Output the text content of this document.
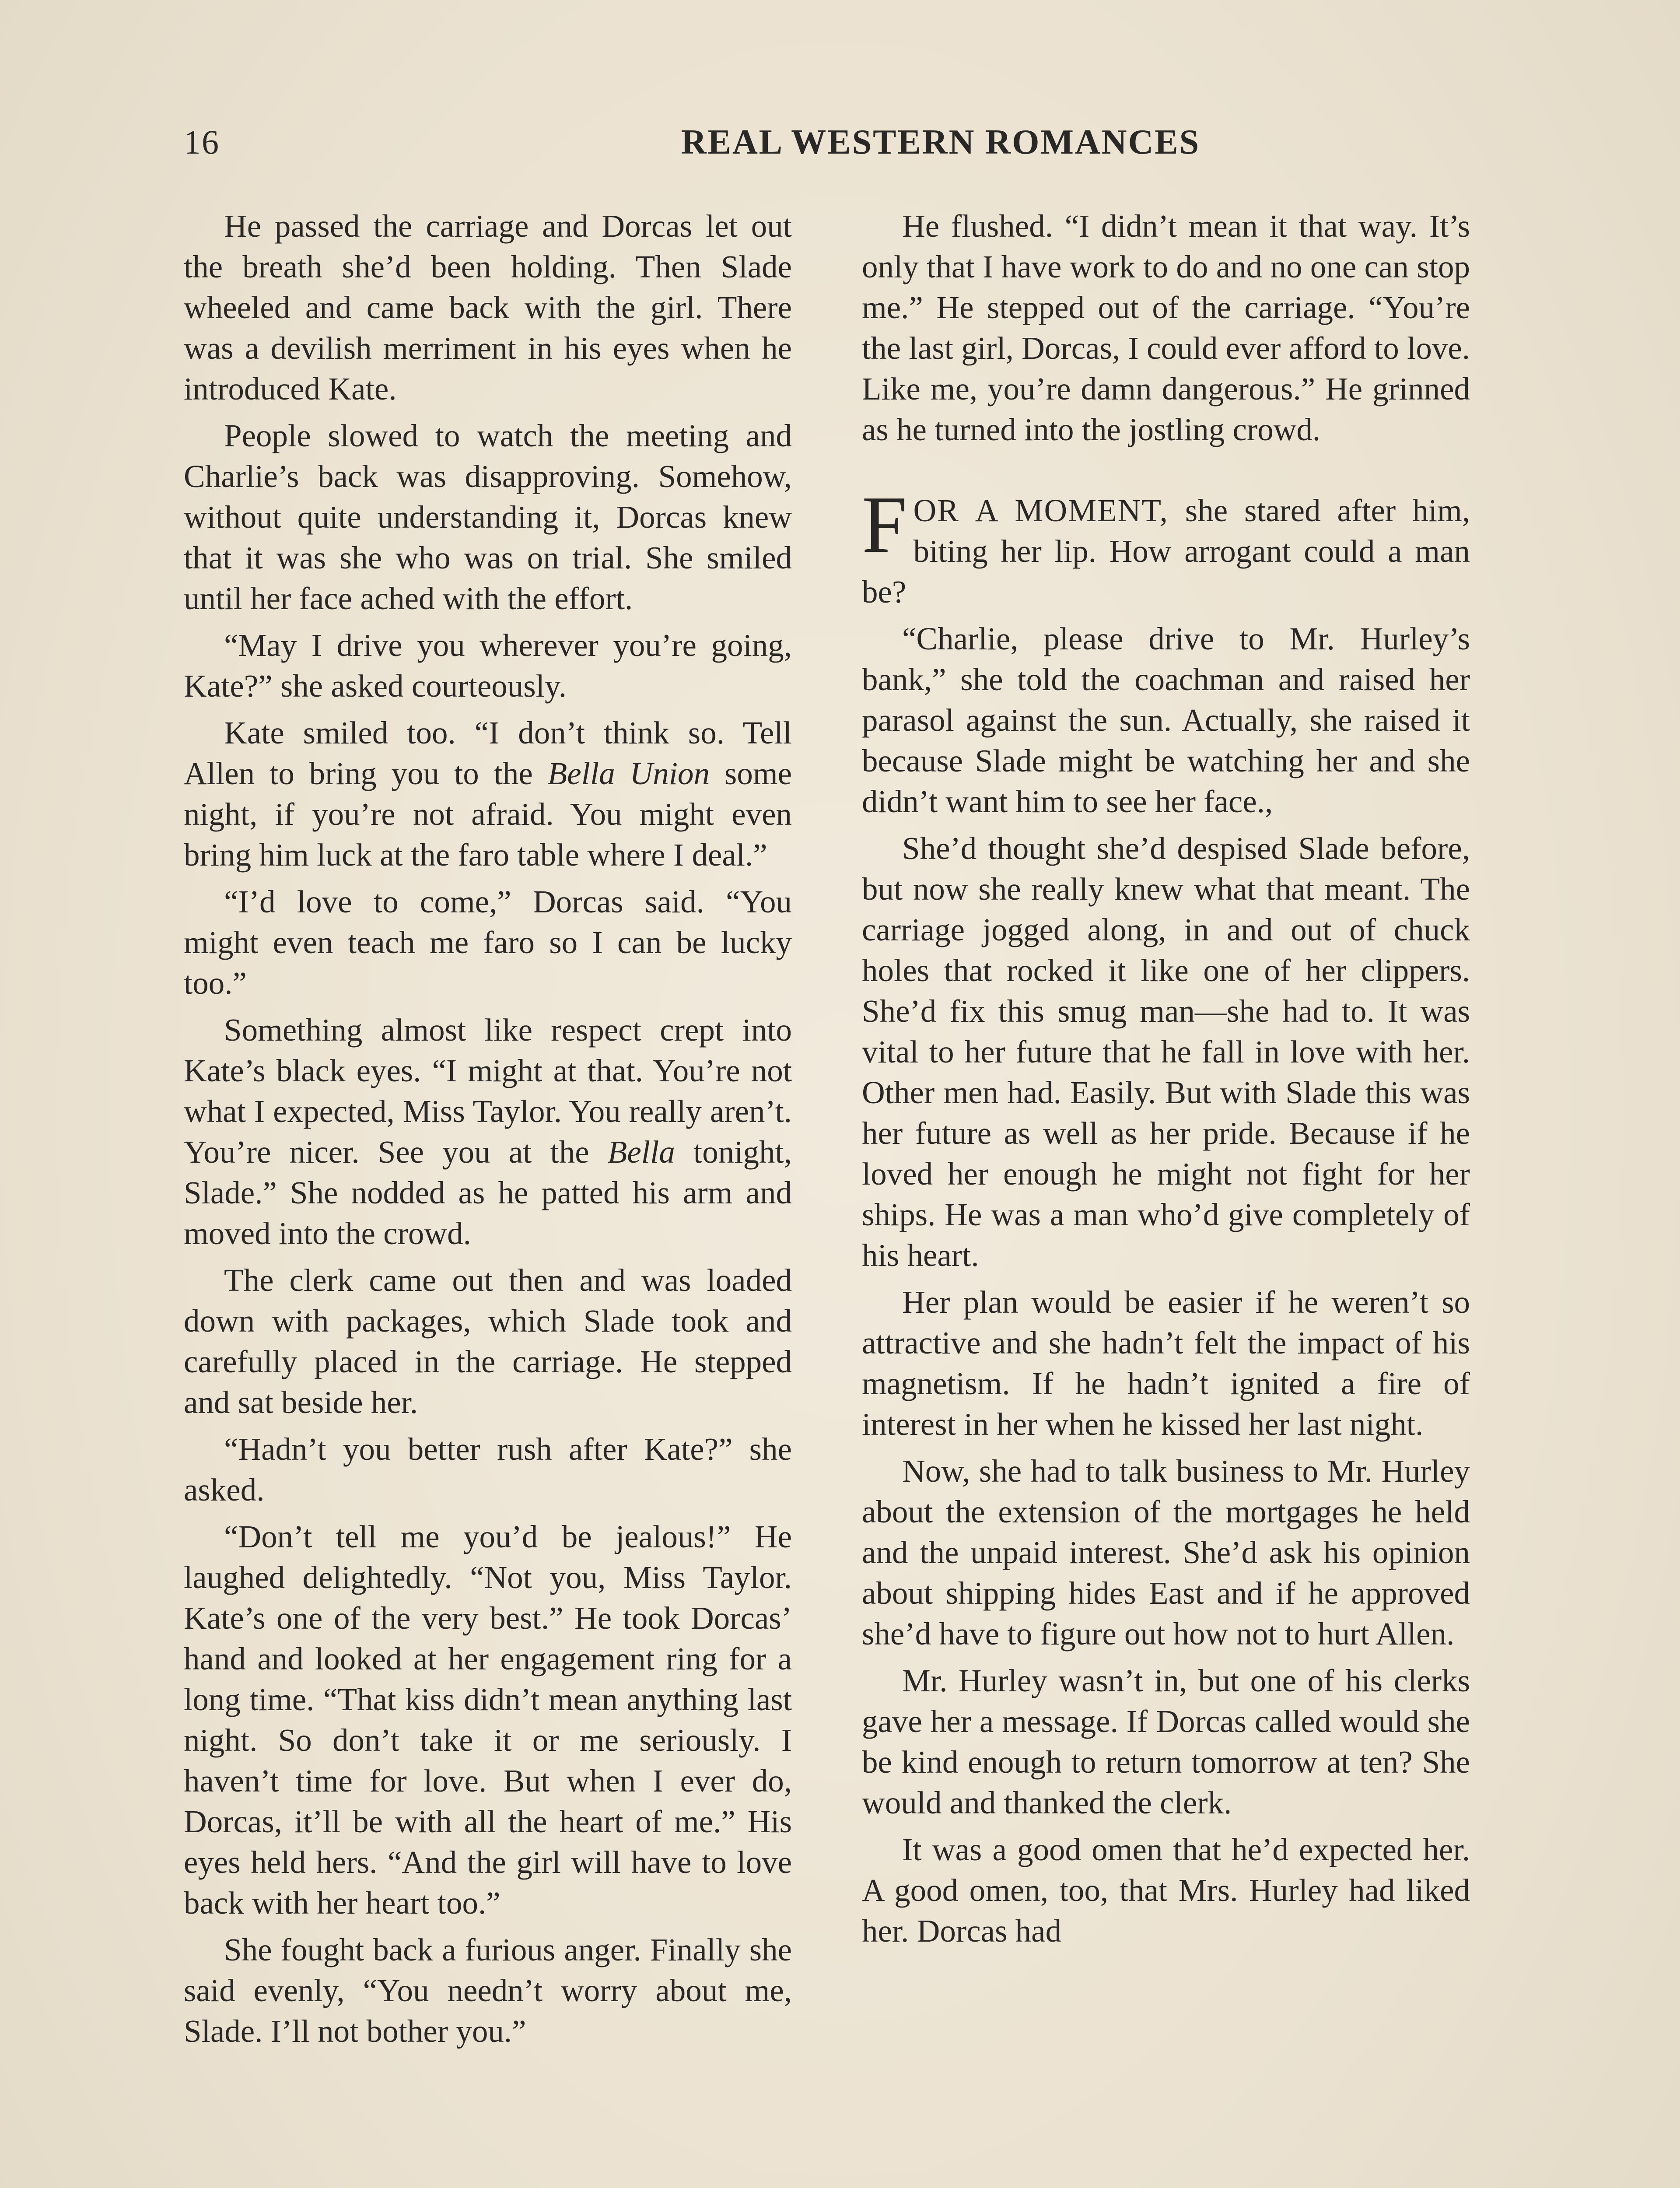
16	REAL WESTERN ROMANCES

He passed the carriage and Dorcas let out the breath she’d been holding. Then Slade wheeled and came back with the girl. There was a devilish merriment in his eyes when he introduced Kate.

People slowed to watch the meeting and Charlie’s back was disapproving. Somehow, without quite understanding it, Dorcas knew that it was she who was on trial. She smiled until her face ached with the effort.

“May I drive you wherever you’re going, Kate?” she asked courteously.

Kate smiled too. “I don’t think so. Tell Allen to bring you to the Bella Union some night, if you’re not afraid. You might even bring him luck at the faro table where I deal.”

“I’d love to come,” Dorcas said. “You might even teach me faro so I can be lucky too.”

Something almost like respect crept into Kate’s black eyes. “I might at that. You’re not what I expected, Miss Taylor. You really aren’t. You’re nicer. See you at the Bella tonight, Slade.” She nodded as he patted his arm and moved into the crowd.

The clerk came out then and was loaded down with packages, which Slade took and carefully placed in the carriage. He stepped and sat beside her.

“Hadn’t you better rush after Kate?” she asked.

“Don’t tell me you’d be jealous!” He laughed delightedly. “Not you, Miss Taylor. Kate’s one of the very best.” He took Dorcas’ hand and looked at her engagement ring for a long time. “That kiss didn’t mean anything last night. So don’t take it or me seriously. I haven’t time for love. But when I ever do, Dorcas, it’ll be with all the heart of me.” His eyes held hers. “And the girl will have to love back with her heart too.”

She fought back a furious anger. Finally she said evenly, “You needn’t worry about me, Slade. I’ll not bother you.”

He flushed. “I didn’t mean it that way. It’s only that I have work to do and no one can stop me.” He stepped out of the carriage. “You’re the last girl, Dorcas, I could ever afford to love. Like me, you’re damn dangerous.” He grinned as he turned into the jostling crowd.

FOR A MOMENT, she stared after him, biting her lip. How arrogant could a man be?

“Charlie, please drive to Mr. Hurley’s bank,” she told the coachman and raised her parasol against the sun. Actually, she raised it because Slade might be watching her and she didn’t want him to see her face.,

She’d thought she’d despised Slade before, but now she really knew what that meant. The carriage jogged along, in and out of chuck holes that rocked it like one of her clippers. She’d fix this smug man—she had to. It was vital to her future that he fall in love with her. Other men had. Easily. But with Slade this was her future as well as her pride. Because if he loved her enough he might not fight for her ships. He was a man who’d give completely of his heart.

Her plan would be easier if he weren’t so attractive and she hadn’t felt the impact of his magnetism. If he hadn’t ignited a fire of interest in her when he kissed her last night.

Now, she had to talk business to Mr. Hurley about the extension of the mortgages he held and the unpaid interest. She’d ask his opinion about shipping hides East and if he approved she’d have to figure out how not to hurt Allen.

Mr. Hurley wasn’t in, but one of his clerks gave her a message. If Dorcas called would she be kind enough to return tomorrow at ten? She would and thanked the clerk.

It was a good omen that he’d expected her. A good omen, too, that Mrs. Hurley had liked her. Dorcas had
